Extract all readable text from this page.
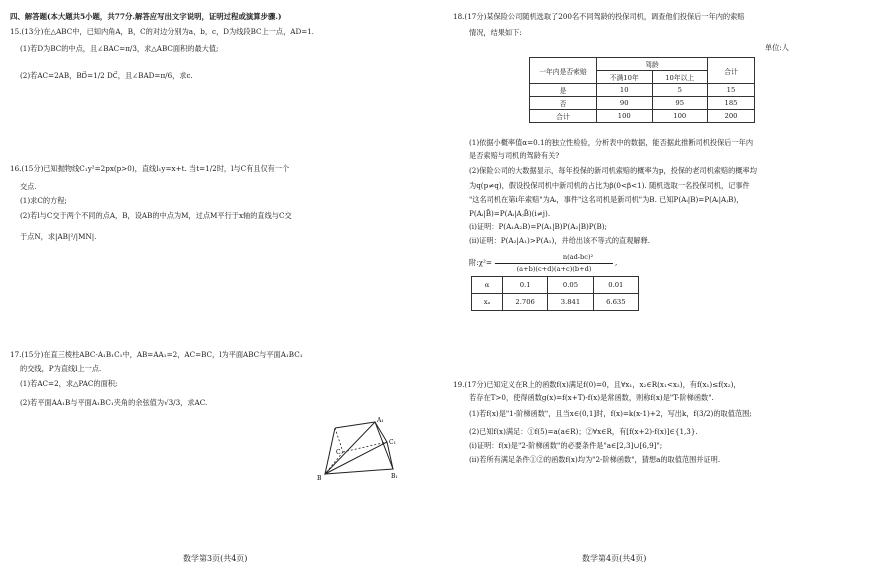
四、解答题(本大题共5小题，共77分.解答应写出文字说明，证明过程或演算步骤.)
15.(13分)在△ABC中，已知内角A，B，C的对边分别为a，b，c，D为线段BC上一点，AD=1.
(1)若D为BC的中点，且∠BAC=π/3，求△ABC面积的最大值;
(2)若AC=2AB，BD⃗=1/2 DC⃗，且∠BAD=π/6，求c.
16.(15分)已知抛物线C₁y²=2px(p>0)，直线l₁y=x+t. 当t=1/2时，l与C有且仅有一个
交点.
(1)求C的方程;
(2)若l与C交于两个不同的点A，B，设AB的中点为M，过点M平行于x轴的直线与C交
于点N，求|AB|²/|MN|.
17.(15分)在直三棱柱ABC-A₁B₁C₁中，AB=AA₁=2，AC=BC，l为平面ABC与平面A₁BC₁
的交线，P为直线l上一点.
(1)若AC=2，求△PAC的面积;
(2)若平面AA₁B与平面A₁BC₁夹角的余弦值为√3/3，求AC.
A₁
B
C
C₁
B₁
数学第3页(共4页)
18.(17分)某保险公司随机选取了200名不同驾龄的投保司机，调查他们投保后一年内的索赔
情况，结果如下:
单位:人
一年内是否索赔	驾龄		合计
	不满10年	10年以上	
是	10	5	15
否	90	95	185
合计	100	100	200
(1)依据小概率值α=0.1的独立性检验，分析表中的数据，能否据此推断司机投保后一年内
是否索赔与司机的驾龄有关?
(2)保险公司的大数据显示，每年投保的新司机索赔的概率为p，投保的老司机索赔的概率均
为q(p≠q)，假设投保司机中新司机的占比为β(0<β<1). 随机选取一名投保司机，记事件
"这名司机在第i年索赔"为Aᵢ，事件"这名司机是新司机"为B. 已知P(Aᵢ|B)=P(Aᵢ|AⱼB)，
P(Aᵢ|B̄)=P(Aᵢ|AⱼB̄)(i≠j).
(ⅰ)证明：P(A₁A₂B)=P(A₁|B)P(A₂|B)P(B);
(ⅱ)证明：P(A₂|A₁)>P(A₁)，并给出该不等式的直观解释.
附:χ²=
n(ad-bc)²
(a+b)(c+d)(a+c)(b+d)
,
α	0.1	0.05	0.01
xₐ	2.706	3.841	6.635
19.(17分)已知定义在R上的函数f(x)满足f(0)=0，且∀x₁，x₂∈R(x₁<x₂)，有f(x₁)≤f(x₂)，
若存在T>0，使得函数g(x)=f(x+T)-f(x)是常函数，则称f(x)是"T-阶梯函数".
(1)若f(x)是"1-阶梯函数"，且当x∈(0,1]时，f(x)=k(x-1)+2，写出k，f(3/2)的取值范围;
(2)已知f(x)满足：①f(5)=a(a∈R)；②∀x∈R，有[f(x+2)-f(x)]∈{1,3}.
(ⅰ)证明：f(x)是"2-阶梯函数"的必要条件是"a∈[2,3]∪[6,9]";
(ⅱ)若所有满足条件①②的函数f(x)均为"2-阶梯函数"，猜想a的取值范围并证明.
数学第4页(共4页)
